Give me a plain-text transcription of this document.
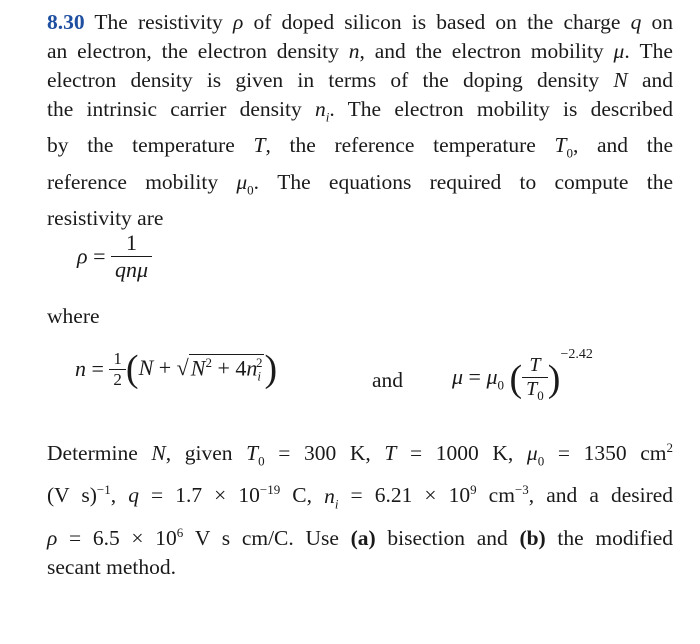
8.30 The resistivity ρ of doped silicon is based on the charge q on
an electron, the electron density n, and the electron mobility μ. The
electron density is given in terms of the doping density N and
the intrinsic carrier density $n_i$. The electron mobility is described
by the temperature T, the reference temperature $T_0$, and the
reference mobility $\mu_0$. The equations required to compute the
resistivity are
$\rho = \frac{1}{\text{qnμ}}$
where
$n = \frac{1}{2} (N + √N^2 + 4n_i^2)$	and $\mu = \mu_0$ ( $\frac{T}{T_0} )^{-2.42}$
Determine N, given $T_0 = 300$ K, T = 1000 K, $\mu_0 = 1350$ $cm^2$
(V s)$^{-1}$, $q = 1.7 \times 10^{-19}$ C, $n_i = 6.21 \times 10^9$ $cm^{-3}$, and a desired
$\rho = 6.5 \times 10^6$ V s cm/C. Use (a) bisection and (b) the modified
secant method.
